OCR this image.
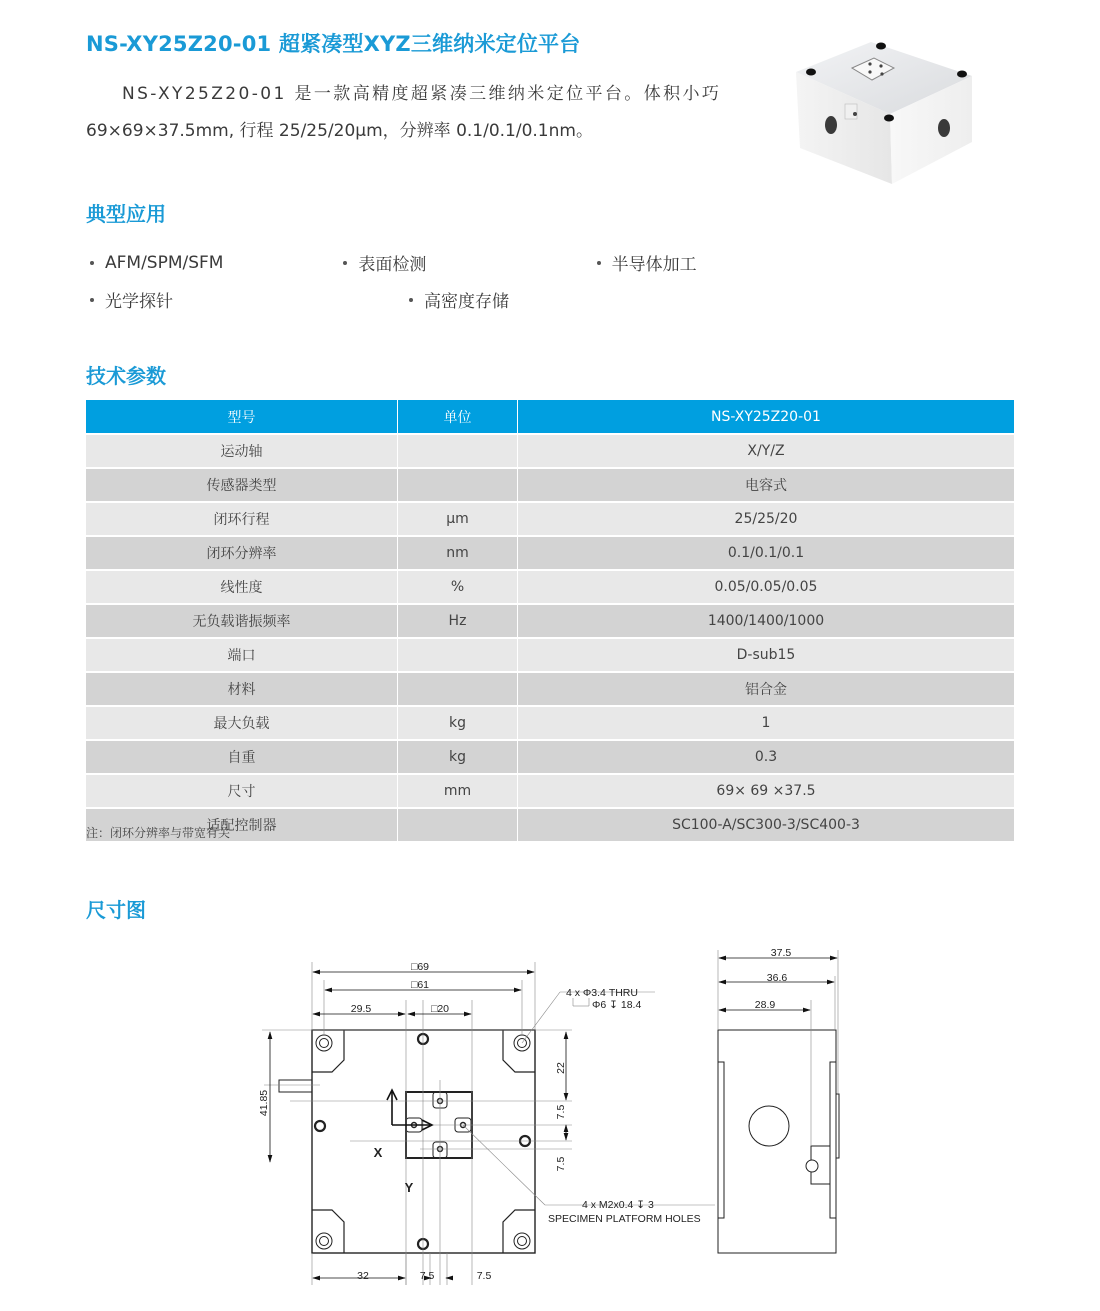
NS-XY25Z20-01 超紧凑型XYZ三维纳米定位平台

NS-XY25Z20-01 是一款高精度超紧凑三维纳米定位平台。体积小巧

69×69×37.5mm, 行程 25/25/20μm，分辨率 0.1/0.1/0.1nm。

典型应用
AFM/SPM/SFM	表面检测	半导体加工
光学探针	高密度存储
技术参数
型号	单位	NS-XY25Z20-01
运动轴		X/Y/Z
传感器类型		电容式
闭环行程	μm	25/25/20
闭环分辨率	nm	0.1/0.1/0.1
线性度	%	0.05/0.05/0.05
无负载谐振频率	Hz	1400/1400/1000
端口		D-sub15
材料		铝合金
最大负载	kg	1
自重	kg	0.3
尺寸	mm	69× 69 ×37.5
适配控制器		SC100-A/SC300-3/SC400-3
注：闭环分辨率与带宽有关
尺寸图
□69
□61
29.5	□20
41.85
22
7.5
7.5
32	7.5	7.5
X
Y
4 x Φ3.4 THRU
Φ6 ↧ 18.4
4 x M2x0.4 ↧ 3
SPECIMEN PLATFORM HOLES
37.5
36.6
28.9
